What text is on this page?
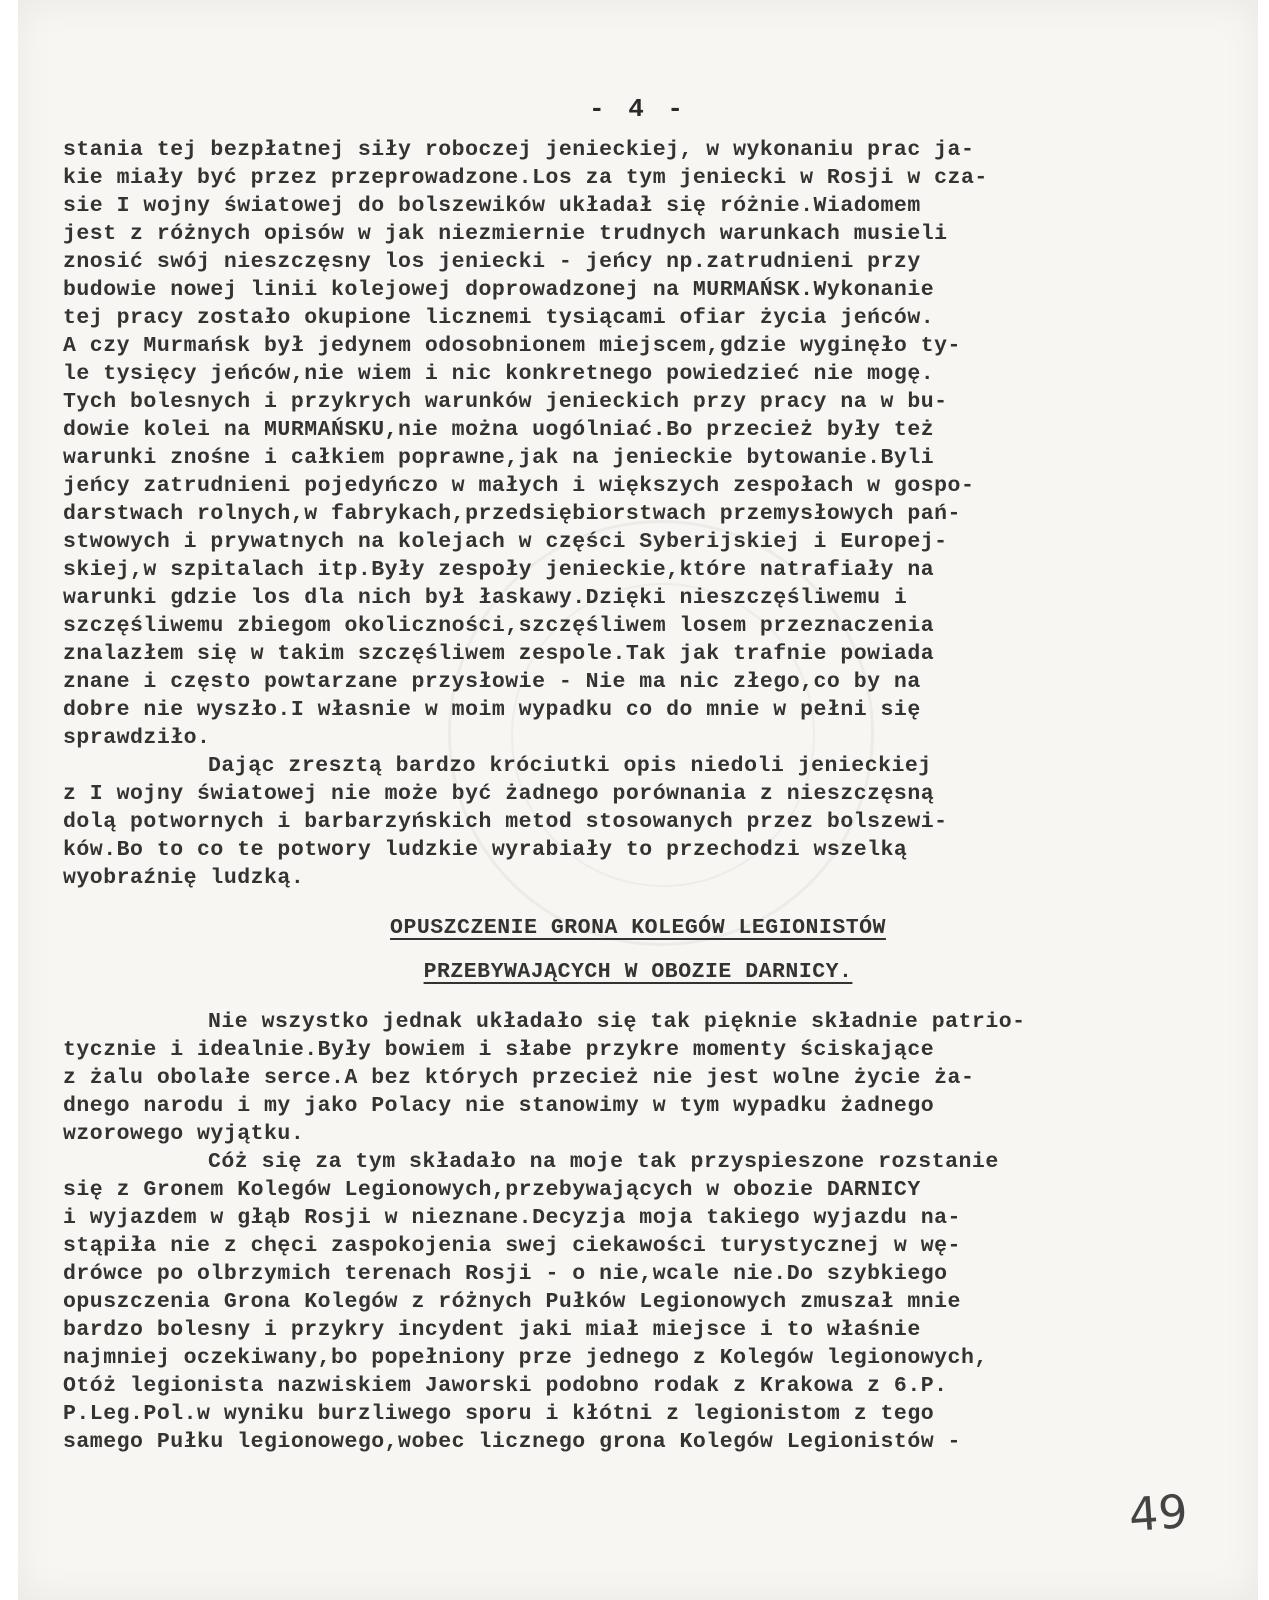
- 4 -
stania tej bezpłatnej siły roboczej jenieckiej, w wykonaniu prac ja-
kie miały być przez przeprowadzone.Los za tym jeniecki w Rosji w cza-
sie I wojny światowej do bolszewików układał się różnie.Wiadomem
jest z różnych opisów w jak niezmiernie trudnych warunkach musieli
znosić swój nieszczęsny los jeniecki - jeńcy np.zatrudnieni przy
budowie nowej linii kolejowej doprowadzonej na MURMAŃSK.Wykonanie
tej pracy zostało okupione licznemi tysiącami ofiar życia jeńców.
A czy Murmańsk był jedynem odosobnionem miejscem,gdzie wyginęło ty-
le tysięcy jeńców,nie wiem i nic konkretnego powiedzieć nie mogę.
Tych bolesnych i przykrych warunków jenieckich przy pracy na w bu-
dowie kolei na MURMAŃSKU,nie można uogólniać.Bo przecież były też
warunki znośne i całkiem poprawne,jak na jenieckie bytowanie.Byli
jeńcy zatrudnieni pojedyńczo w małych i większych zespołach w gospo-
darstwach rolnych,w fabrykach,przedsiębiorstwach przemysłowych pań-
stwowych i prywatnych na kolejach w części Syberijskiej i Europej-
skiej,w szpitalach itp.Były zespoły jenieckie,które natrafiały na
warunki gdzie los dla nich był łaskawy.Dzięki nieszczęśliwemu i
szczęśliwemu zbiegom okoliczności,szczęśliwem losem przeznaczenia
znalazłem się w takim szczęśliwem zespole.Tak jak trafnie powiada
znane i często powtarzane przysłowie - Nie ma nic złego,co by na
dobre nie wyszło.I własnie w moim wypadku co do mnie w pełni się
sprawdziło.
Dając zresztą bardzo króciutki opis niedoli jenieckiej
z I wojny światowej nie może być żadnego porównania z nieszczęsną
dolą potwornych i barbarzyńskich metod stosowanych przez bolszewi-
ków.Bo to co te potwory ludzkie wyrabiały to przechodzi wszelką
wyobraźnię ludzką.
OPUSZCZENIE GRONA KOLEGÓW LEGIONISTÓW
PRZEBYWAJĄCYCH W OBOZIE DARNICY.
Nie wszystko jednak układało się tak pięknie składnie patrio-
tycznie i idealnie.Były bowiem i słabe przykre momenty ściskające
z żalu obolałe serce.A bez których przecież nie jest wolne życie ża-
dnego narodu i my jako Polacy nie stanowimy w tym wypadku żadnego
wzorowego wyjątku.
Cóż się za tym składało na moje tak przyspieszone rozstanie
się z Gronem Kolegów Legionowych,przebywających w obozie DARNICY
i wyjazdem w głąb Rosji w nieznane.Decyzja moja takiego wyjazdu na-
stąpiła nie z chęci zaspokojenia swej ciekawości turystycznej w wę-
drówce po olbrzymich terenach Rosji - o nie,wcale nie.Do szybkiego
opuszczenia Grona Kolegów z różnych Pułków Legionowych zmuszał mnie
bardzo bolesny i przykry incydent jaki miał miejsce i to właśnie
najmniej oczekiwany,bo popełniony prze jednego z Kolegów legionowych,
Otóż legionista nazwiskiem Jaworski podobno rodak z Krakowa z 6.P.
P.Leg.Pol.w wyniku burzliwego sporu i kłótni z legionistom z tego
samego Pułku legionowego,wobec licznego grona Kolegów Legionistów -
49
